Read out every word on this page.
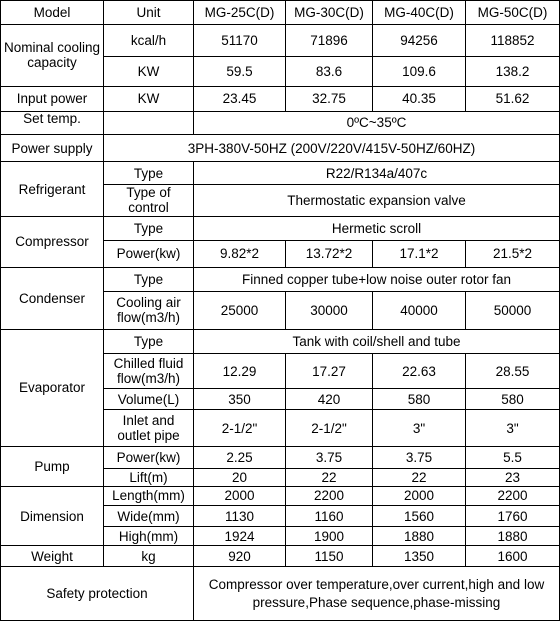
Model	Unit	MG-25C(D)	MG-30C(D)	MG-40C(D)	MG-50C(D)
Nominal cooling capacity	kcal/h	51170	71896	94256	118852
	KW	59.5	83.6	109.6	138.2
Input power	KW	23.45	32.75	40.35	51.62
Set temp.		0ºC~35ºC			
Power supply	3PH-380V-50HZ (200V/220V/415V-50HZ/60HZ)				
Refrigerant	Type	R22/R134a/407c			
	Type of control	Thermostatic expansion valve			
Compressor	Type	Hermetic scroll			
	Power(kw)	9.82*2	13.72*2	17.1*2	21.5*2
Condenser	Type	Finned copper tube+low noise outer rotor fan			
	Cooling air flow(m3/h)	25000	30000	40000	50000
Evaporator	Type	Tank with coil/shell and tube			
	Chilled fluid flow(m3/h)	12.29	17.27	22.63	28.55
	Volume(L)	350	420	580	580
	Inlet and outlet pipe	2-1/2"	2-1/2"	3"	3"
Pump	Power(kw)	2.25	3.75	3.75	5.5
	Lift(m)	20	22	22	23
Dimension	Length(mm)	2000	2200	2000	2200
	Wide(mm)	1130	1160	1560	1760
	High(mm)	1924	1900	1880	1880
Weight	kg	920	1150	1350	1600
Safety protection		Compressor over temperature,over current,high and low pressure,Phase sequence,phase-missing			
